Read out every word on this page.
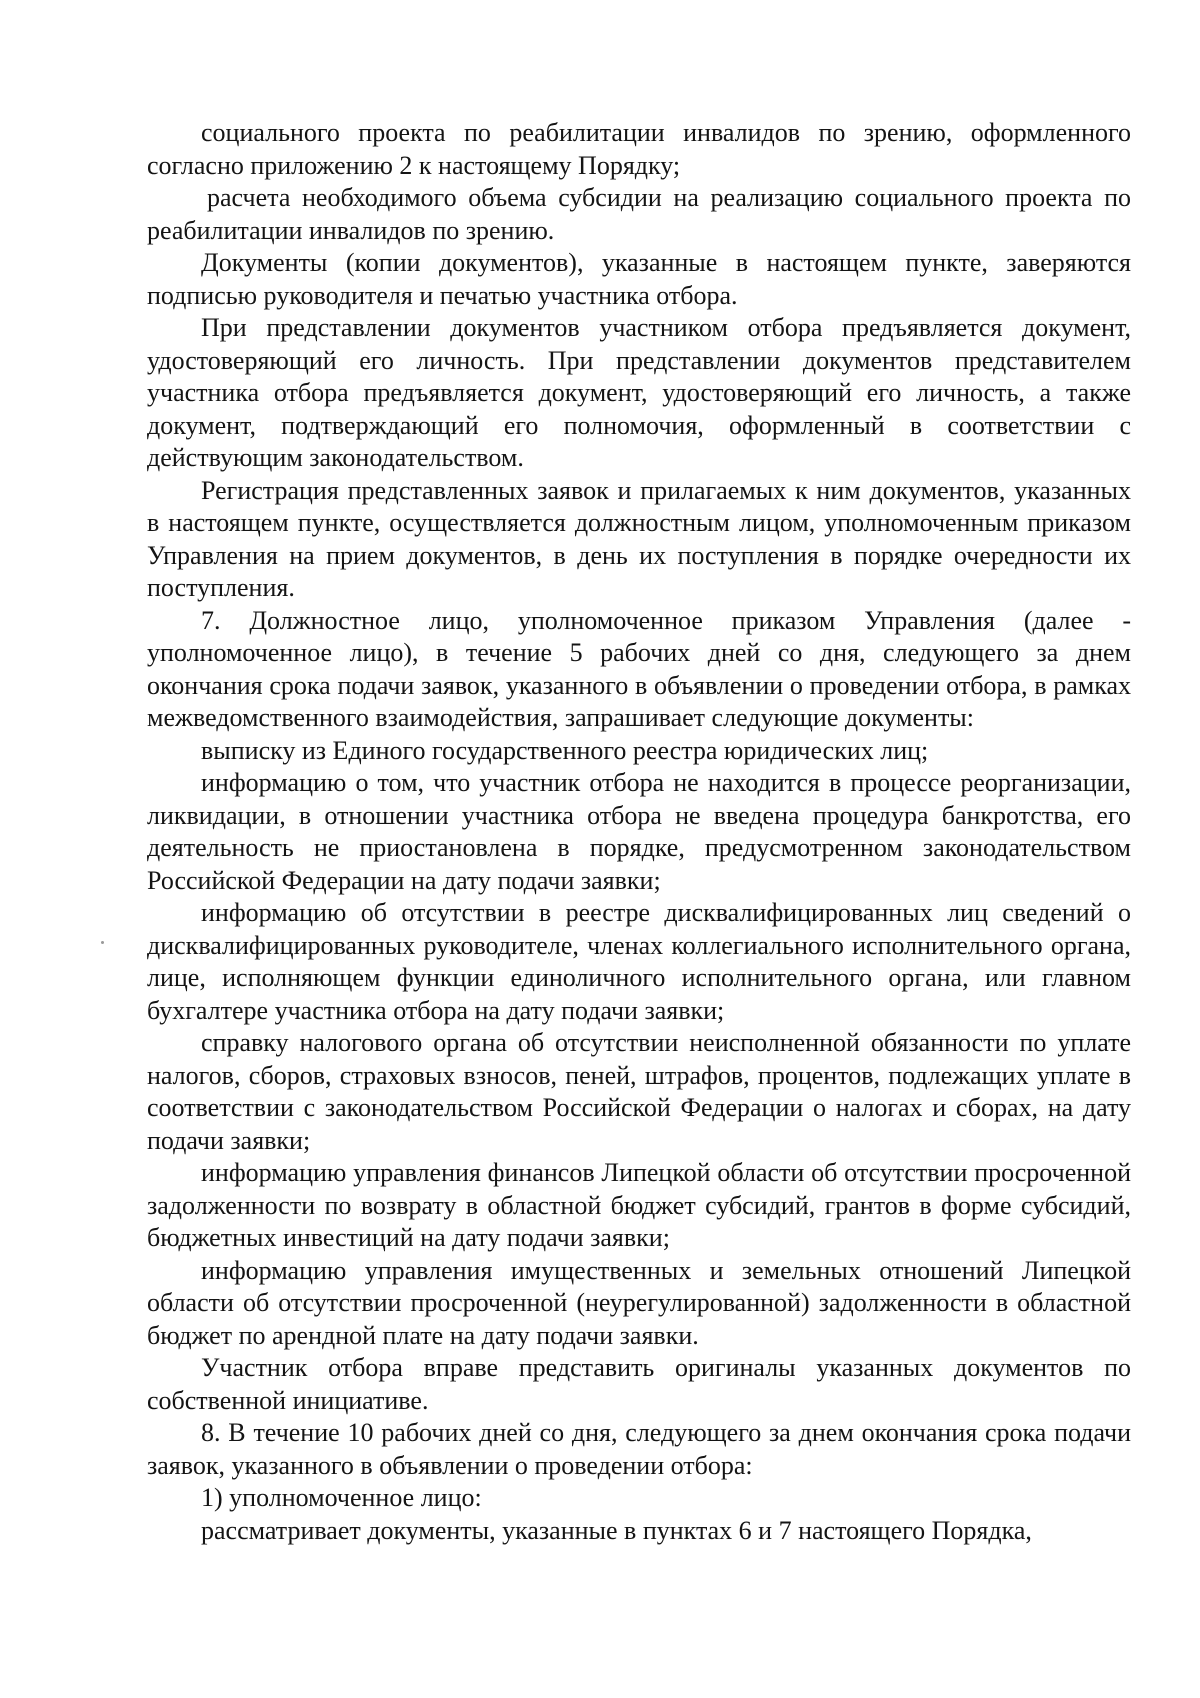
социального проекта по реабилитации инвалидов по зрению, оформленного согласно приложению 2 к настоящему Порядку;

расчета необходимого объема субсидии на реализацию социального проекта по реабилитации инвалидов по зрению.

Документы (копии документов), указанные в настоящем пункте, заверяются подписью руководителя и печатью участника отбора.

При представлении документов участником отбора предъявляется документ, удостоверяющий его личность. При представлении документов представителем участника отбора предъявляется документ, удостоверяющий его личность, а также документ, подтверждающий его полномочия, оформленный в соответствии с действующим законодательством.

Регистрация представленных заявок и прилагаемых к ним документов, указанных в настоящем пункте, осуществляется должностным лицом, уполномоченным приказом Управления на прием документов, в день их поступления в порядке очередности их поступления.

7. Должностное лицо, уполномоченное приказом Управления (далее - уполномоченное лицо), в течение 5 рабочих дней со дня, следующего за днем окончания срока подачи заявок, указанного в объявлении о проведении отбора, в рамках межведомственного взаимодействия, запрашивает следующие документы:

выписку из Единого государственного реестра юридических лиц;

информацию о том, что участник отбора не находится в процессе реорганизации, ликвидации, в отношении участника отбора не введена процедура банкротства, его деятельность не приостановлена в порядке, предусмотренном законодательством Российской Федерации на дату подачи заявки;

информацию об отсутствии в реестре дисквалифицированных лиц сведений о дисквалифицированных руководителе, членах коллегиального исполнительного органа, лице, исполняющем функции единоличного исполнительного органа, или главном бухгалтере участника отбора на дату подачи заявки;

справку налогового органа об отсутствии неисполненной обязанности по уплате налогов, сборов, страховых взносов, пеней, штрафов, процентов, подлежащих уплате в соответствии с законодательством Российской Федерации о налогах и сборах, на дату подачи заявки;

информацию управления финансов Липецкой области об отсутствии просроченной задолженности по возврату в областной бюджет субсидий, грантов в форме субсидий, бюджетных инвестиций на дату подачи заявки;

информацию управления имущественных и земельных отношений Липецкой области об отсутствии просроченной (неурегулированной) задолженности в областной бюджет по арендной плате на дату подачи заявки.

Участник отбора вправе представить оригиналы указанных документов по собственной инициативе.

8. В течение 10 рабочих дней со дня, следующего за днем окончания срока подачи заявок, указанного в объявлении о проведении отбора:

1) уполномоченное лицо:

рассматривает документы, указанные в пунктах 6 и 7 настоящего Порядка,
